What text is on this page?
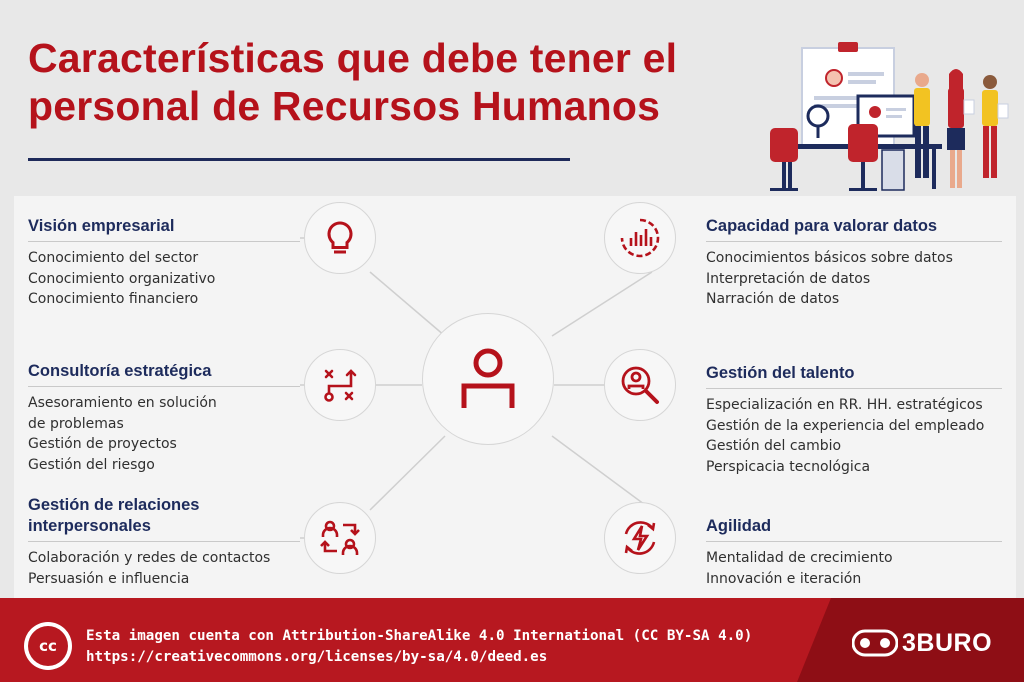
Características que debe tener el
personal de Recursos Humanos
Visión empresarial
Conocimiento del sector
Conocimiento organizativo
Conocimiento financiero
Consultoría estratégica
Asesoramiento en solución
de problemas
Gestión de proyectos
Gestión del riesgo
Gestión de relaciones
interpersonales
Colaboración y redes de contactos
Persuasión e influencia
Capacidad para valorar datos
Conocimientos básicos sobre datos
Interpretación de datos
Narración de datos
Gestión del talento
Especialización en RR. HH. estratégicos
Gestión de la experiencia del empleado
Gestión del cambio
Perspicacia tecnológica
Agilidad
Mentalidad de crecimiento
Innovación e iteración
cc
Esta imagen cuenta con Attribution-ShareAlike 4.0 International (CC BY-SA 4.0)
https://creativecommons.org/licenses/by-sa/4.0/deed.es
3BURO
